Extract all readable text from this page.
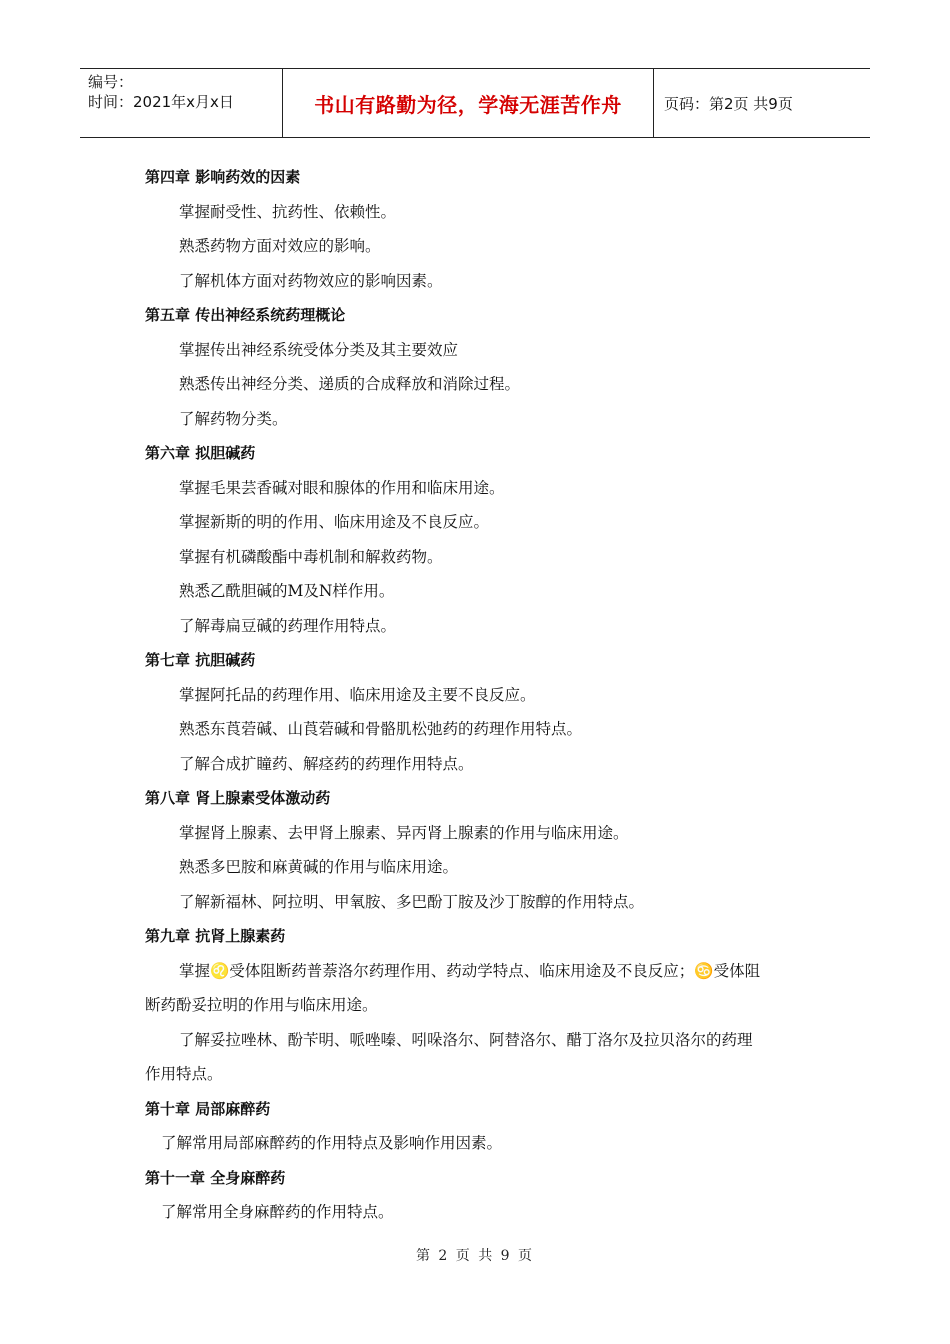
编号：
时间：2021年x月x日	书山有路勤为径，学海无涯苦作舟	页码：第2页 共9页
第四章 影响药效的因素
掌握耐受性、抗药性、依赖性。
熟悉药物方面对效应的影响。
了解机体方面对药物效应的影响因素。
第五章 传出神经系统药理概论
掌握传出神经系统受体分类及其主要效应
熟悉传出神经分类、递质的合成释放和消除过程。
了解药物分类。
第六章 拟胆碱药
掌握毛果芸香碱对眼和腺体的作用和临床用途。
掌握新斯的明的作用、临床用途及不良反应。
掌握有机磷酸酯中毒机制和解救药物。
熟悉乙酰胆碱的M及N样作用。
了解毒扁豆碱的药理作用特点。
第七章 抗胆碱药
掌握阿托品的药理作用、临床用途及主要不良反应。
熟悉东莨菪碱、山莨菪碱和骨骼肌松弛药的药理作用特点。
了解合成扩瞳药、解痉药的药理作用特点。
第八章 肾上腺素受体激动药
掌握肾上腺素、去甲肾上腺素、异丙肾上腺素的作用与临床用途。
熟悉多巴胺和麻黄碱的作用与临床用途。
了解新福林、阿拉明、甲氧胺、多巴酚丁胺及沙丁胺醇的作用特点。
第九章 抗肾上腺素药
掌握♌受体阻断药普萘洛尔药理作用、药动学特点、临床用途及不良反应；♋受体阻
断药酚妥拉明的作用与临床用途。
了解妥拉唑林、酚苄明、哌唑嗪、吲哚洛尔、阿替洛尔、醋丁洛尔及拉贝洛尔的药理
作用特点。
第十章 局部麻醉药
了解常用局部麻醉药的作用特点及影响作用因素。
第十一章 全身麻醉药
了解常用全身麻醉药的作用特点。
第 2 页 共 9 页
